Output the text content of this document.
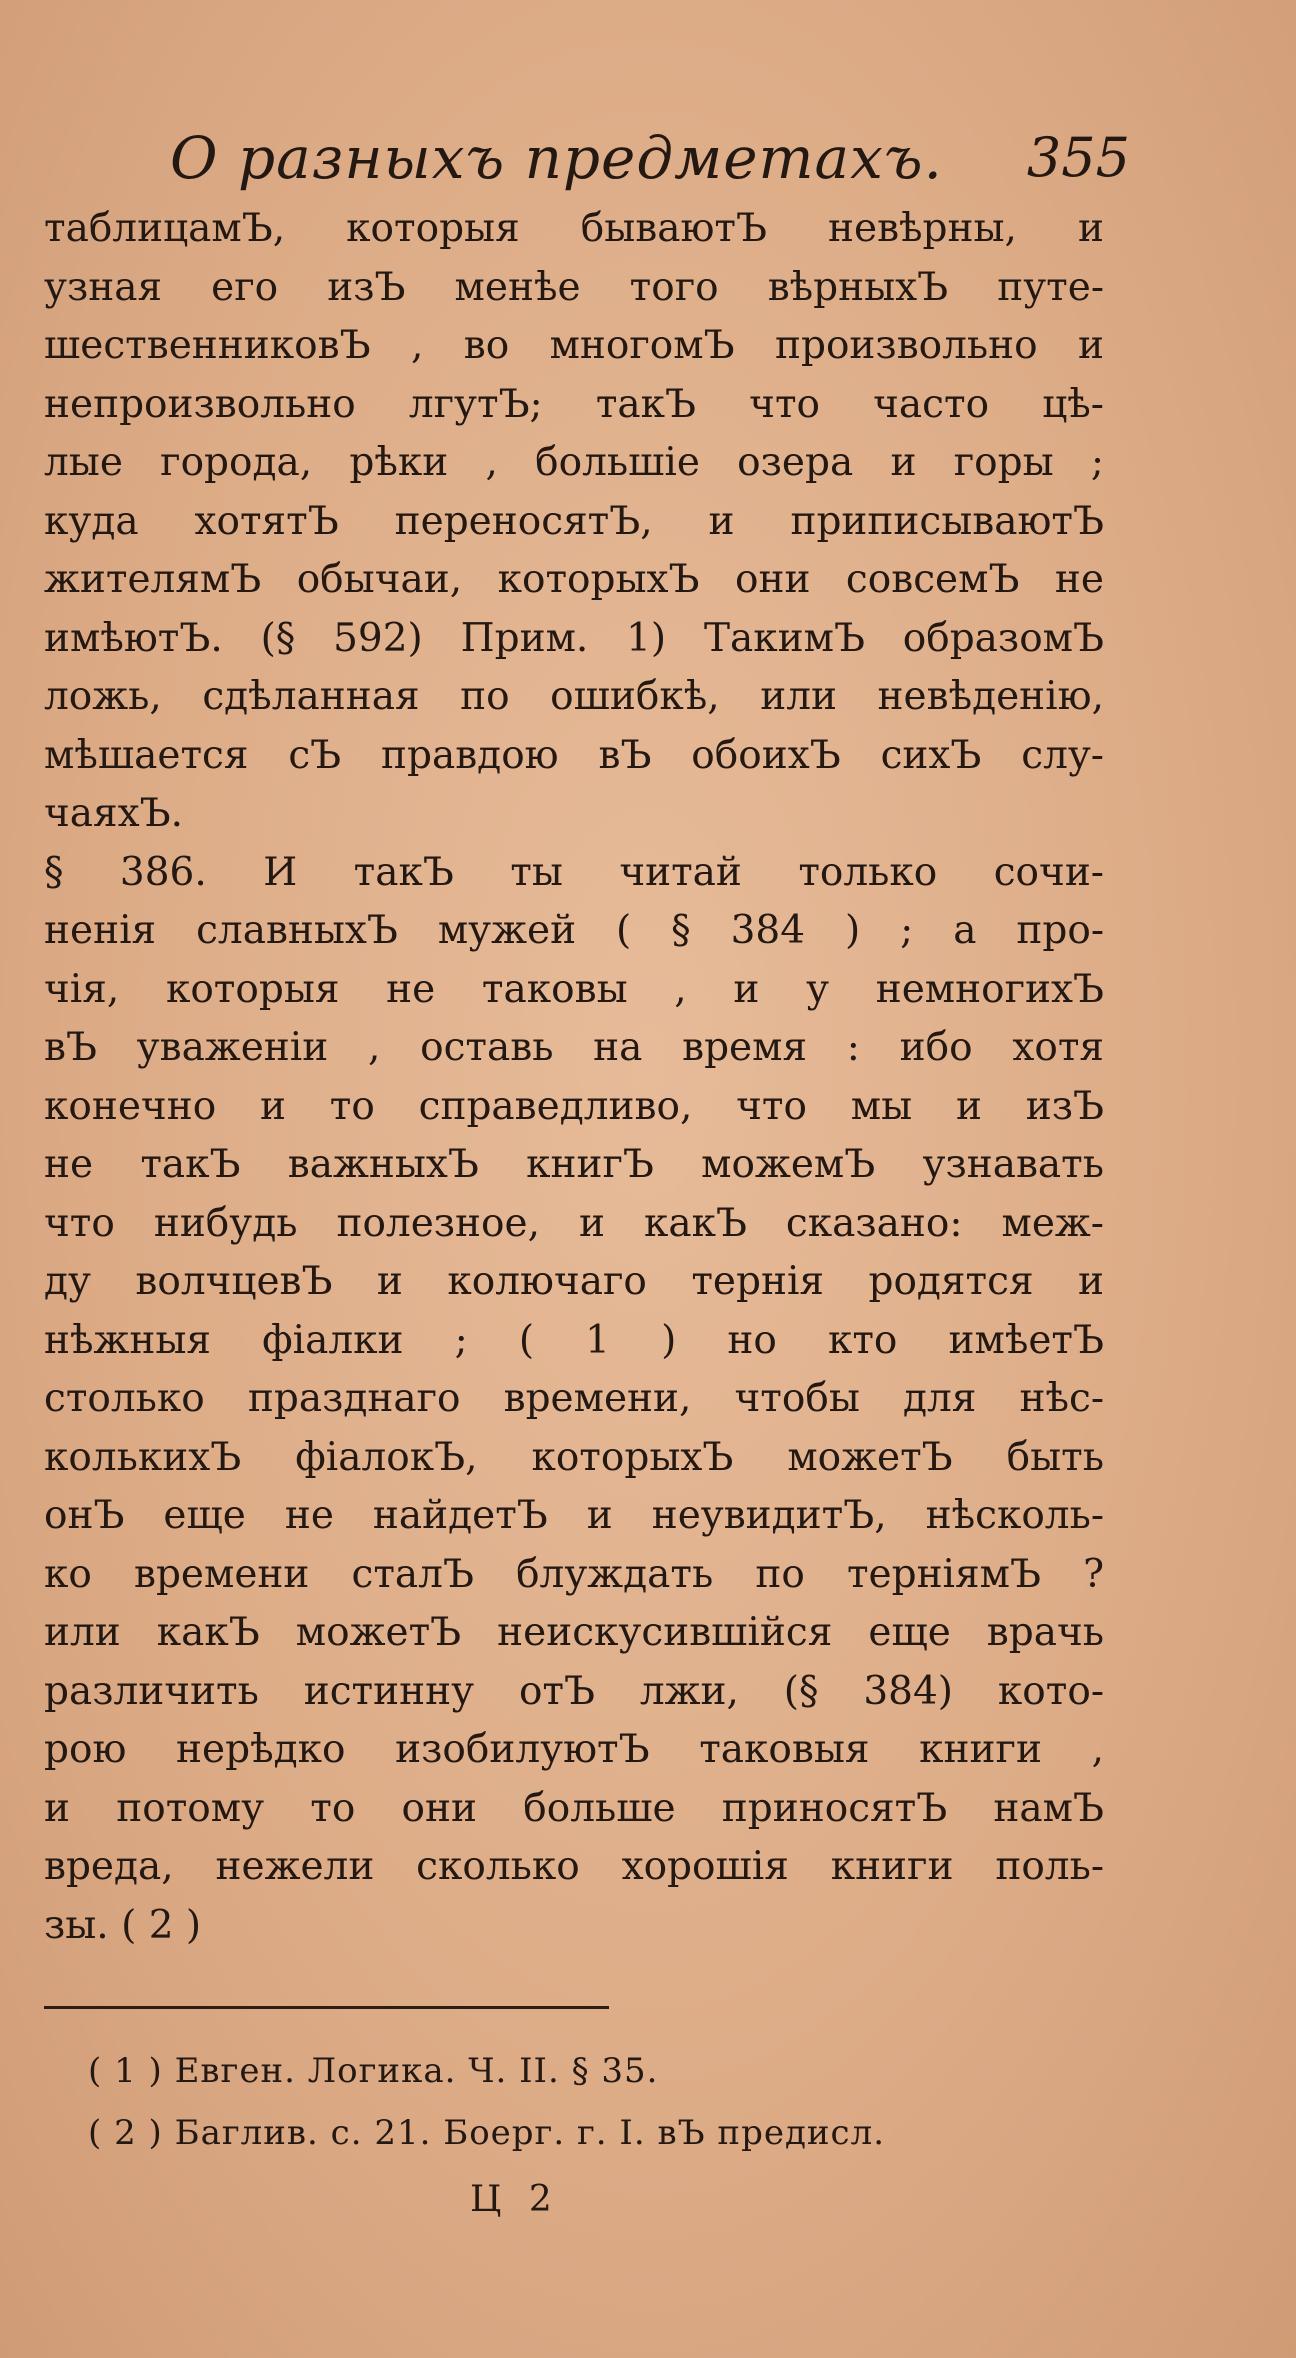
О разныхъ предметахъ. 355
таблицамЪ, которыя бываютЪ невѣрны, и
узная его изЪ менѣе того вѣрныхЪ путе-
шественниковЪ , во многомЪ произвольно и
непроизвольно лгутЪ; такЪ что часто цѣ-
лые города, рѣки , большіе озера и горы ;
куда хотятЪ переносятЪ, и приписываютЪ
жителямЪ обычаи, которыхЪ они совсемЪ не
имѣютЪ. (§ 592) Прим. 1) ТакимЪ образомЪ
ложь, сдѣланная по ошибкѣ, или невѣденію,
мѣшается сЪ правдою вЪ обоихЪ сихЪ слу-
чаяхЪ.
§ 386. И такЪ ты читай только сочи-
ненія славныхЪ мужей ( § 384 ) ; а про-
чія, которыя не таковы , и у немногихЪ
вЪ уваженіи , оставь на время : ибо хотя
конечно и то справедливо, что мы и изЪ
не такЪ важныхЪ книгЪ можемЪ узнавать
что нибудь полезное, и какЪ сказано: меж-
ду волчцевЪ и колючаго тернія родятся и
нѣжныя фіалки ; ( 1 ) но кто имѣетЪ
столько празднаго времени, чтобы для нѣс-
колькихЪ фіалокЪ, которыхЪ можетЪ быть
онЪ еще не найдетЪ и неувидитЪ, нѣсколь-
ко времени сталЪ блуждать по терніямЪ ?
или какЪ можетЪ неискусившійся еще врачь
различить истинну отЪ лжи, (§ 384) кото-
рою нерѣдко изобилуютЪ таковыя книги ,
и потому то они больше приносятЪ намЪ
вреда, нежели сколько хорошія книги поль-
зы. ( 2 )
( 1 ) Евген. Логика. Ч. II. § 35.
( 2 ) Баглив. с. 21. Боерг. г. I. вЪ предисл.
Ц 2
